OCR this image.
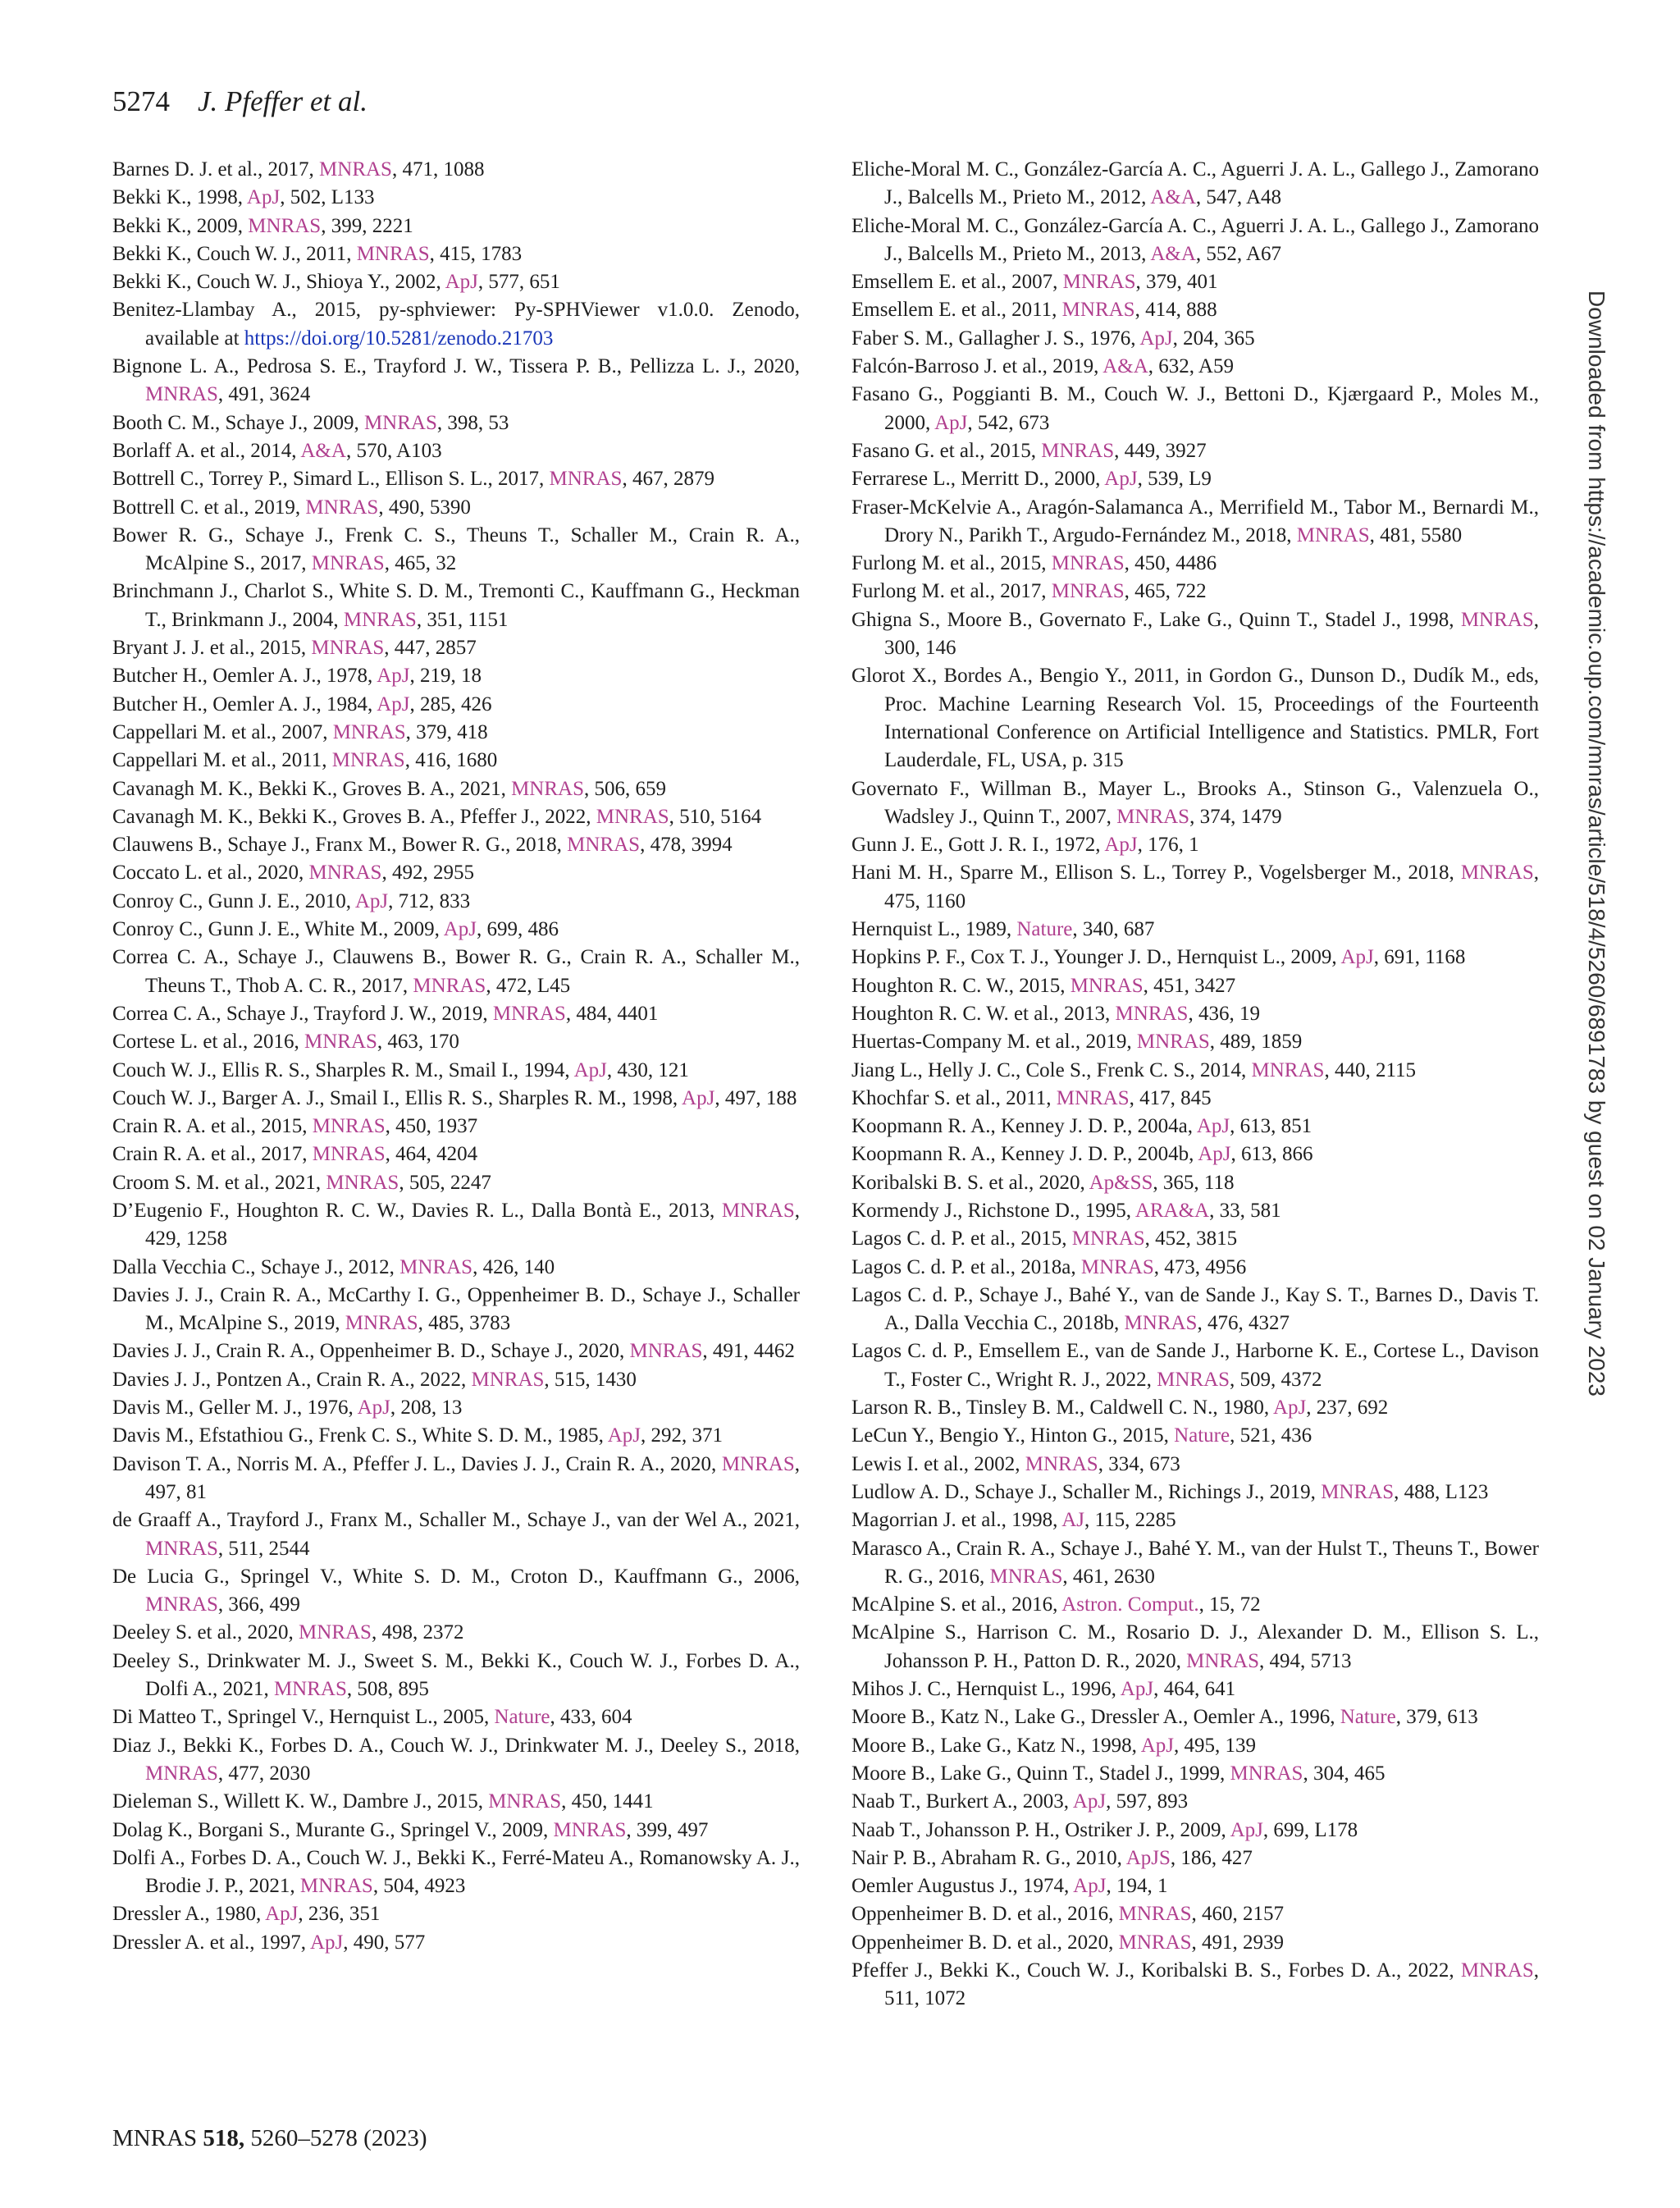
5274 J. Pfeffer et al.
Barnes D. J. et al., 2017, MNRAS, 471, 1088
Bekki K., 1998, ApJ, 502, L133
Bekki K., 2009, MNRAS, 399, 2221
Bekki K., Couch W. J., 2011, MNRAS, 415, 1783
Bekki K., Couch W. J., Shioya Y., 2002, ApJ, 577, 651
Benitez-Llambay A., 2015, py-sphviewer: Py-SPHViewer v1.0.0. Zenodo, available at https://doi.org/10.5281/zenodo.21703
Bignone L. A., Pedrosa S. E., Trayford J. W., Tissera P. B., Pellizza L. J., 2020, MNRAS, 491, 3624
Booth C. M., Schaye J., 2009, MNRAS, 398, 53
Borlaff A. et al., 2014, A&A, 570, A103
Bottrell C., Torrey P., Simard L., Ellison S. L., 2017, MNRAS, 467, 2879
Bottrell C. et al., 2019, MNRAS, 490, 5390
Bower R. G., Schaye J., Frenk C. S., Theuns T., Schaller M., Crain R. A., McAlpine S., 2017, MNRAS, 465, 32
Brinchmann J., Charlot S., White S. D. M., Tremonti C., Kauffmann G., Heckman T., Brinkmann J., 2004, MNRAS, 351, 1151
Bryant J. J. et al., 2015, MNRAS, 447, 2857
Butcher H., Oemler A. J., 1978, ApJ, 219, 18
Butcher H., Oemler A. J., 1984, ApJ, 285, 426
Cappellari M. et al., 2007, MNRAS, 379, 418
Cappellari M. et al., 2011, MNRAS, 416, 1680
Cavanagh M. K., Bekki K., Groves B. A., 2021, MNRAS, 506, 659
Cavanagh M. K., Bekki K., Groves B. A., Pfeffer J., 2022, MNRAS, 510, 5164
Clauwens B., Schaye J., Franx M., Bower R. G., 2018, MNRAS, 478, 3994
Coccato L. et al., 2020, MNRAS, 492, 2955
Conroy C., Gunn J. E., 2010, ApJ, 712, 833
Conroy C., Gunn J. E., White M., 2009, ApJ, 699, 486
Correa C. A., Schaye J., Clauwens B., Bower R. G., Crain R. A., Schaller M., Theuns T., Thob A. C. R., 2017, MNRAS, 472, L45
Correa C. A., Schaye J., Trayford J. W., 2019, MNRAS, 484, 4401
Cortese L. et al., 2016, MNRAS, 463, 170
Couch W. J., Ellis R. S., Sharples R. M., Smail I., 1994, ApJ, 430, 121
Couch W. J., Barger A. J., Smail I., Ellis R. S., Sharples R. M., 1998, ApJ, 497, 188
Crain R. A. et al., 2015, MNRAS, 450, 1937
Crain R. A. et al., 2017, MNRAS, 464, 4204
Croom S. M. et al., 2021, MNRAS, 505, 2247
D’Eugenio F., Houghton R. C. W., Davies R. L., Dalla Bontà E., 2013, MNRAS, 429, 1258
Dalla Vecchia C., Schaye J., 2012, MNRAS, 426, 140
Davies J. J., Crain R. A., McCarthy I. G., Oppenheimer B. D., Schaye J., Schaller M., McAlpine S., 2019, MNRAS, 485, 3783
Davies J. J., Crain R. A., Oppenheimer B. D., Schaye J., 2020, MNRAS, 491, 4462
Davies J. J., Pontzen A., Crain R. A., 2022, MNRAS, 515, 1430
Davis M., Geller M. J., 1976, ApJ, 208, 13
Davis M., Efstathiou G., Frenk C. S., White S. D. M., 1985, ApJ, 292, 371
Davison T. A., Norris M. A., Pfeffer J. L., Davies J. J., Crain R. A., 2020, MNRAS, 497, 81
de Graaff A., Trayford J., Franx M., Schaller M., Schaye J., van der Wel A., 2021, MNRAS, 511, 2544
De Lucia G., Springel V., White S. D. M., Croton D., Kauffmann G., 2006, MNRAS, 366, 499
Deeley S. et al., 2020, MNRAS, 498, 2372
Deeley S., Drinkwater M. J., Sweet S. M., Bekki K., Couch W. J., Forbes D. A., Dolfi A., 2021, MNRAS, 508, 895
Di Matteo T., Springel V., Hernquist L., 2005, Nature, 433, 604
Diaz J., Bekki K., Forbes D. A., Couch W. J., Drinkwater M. J., Deeley S., 2018, MNRAS, 477, 2030
Dieleman S., Willett K. W., Dambre J., 2015, MNRAS, 450, 1441
Dolag K., Borgani S., Murante G., Springel V., 2009, MNRAS, 399, 497
Dolfi A., Forbes D. A., Couch W. J., Bekki K., Ferré-Mateu A., Romanowsky A. J., Brodie J. P., 2021, MNRAS, 504, 4923
Dressler A., 1980, ApJ, 236, 351
Dressler A. et al., 1997, ApJ, 490, 577
Eliche-Moral M. C., González-García A. C., Aguerri J. A. L., Gallego J., Zamorano J., Balcells M., Prieto M., 2012, A&A, 547, A48
Eliche-Moral M. C., González-García A. C., Aguerri J. A. L., Gallego J., Zamorano J., Balcells M., Prieto M., 2013, A&A, 552, A67
Emsellem E. et al., 2007, MNRAS, 379, 401
Emsellem E. et al., 2011, MNRAS, 414, 888
Faber S. M., Gallagher J. S., 1976, ApJ, 204, 365
Falcón-Barroso J. et al., 2019, A&A, 632, A59
Fasano G., Poggianti B. M., Couch W. J., Bettoni D., Kjærgaard P., Moles M., 2000, ApJ, 542, 673
Fasano G. et al., 2015, MNRAS, 449, 3927
Ferrarese L., Merritt D., 2000, ApJ, 539, L9
Fraser-McKelvie A., Aragón-Salamanca A., Merrifield M., Tabor M., Bernardi M., Drory N., Parikh T., Argudo-Fernández M., 2018, MNRAS, 481, 5580
Furlong M. et al., 2015, MNRAS, 450, 4486
Furlong M. et al., 2017, MNRAS, 465, 722
Ghigna S., Moore B., Governato F., Lake G., Quinn T., Stadel J., 1998, MNRAS, 300, 146
Glorot X., Bordes A., Bengio Y., 2011, in Gordon G., Dunson D., Dudík M., eds, Proc. Machine Learning Research Vol. 15, Proceedings of the Fourteenth International Conference on Artificial Intelligence and Statistics. PMLR, Fort Lauderdale, FL, USA, p. 315
Governato F., Willman B., Mayer L., Brooks A., Stinson G., Valenzuela O., Wadsley J., Quinn T., 2007, MNRAS, 374, 1479
Gunn J. E., Gott J. R. I., 1972, ApJ, 176, 1
Hani M. H., Sparre M., Ellison S. L., Torrey P., Vogelsberger M., 2018, MNRAS, 475, 1160
Hernquist L., 1989, Nature, 340, 687
Hopkins P. F., Cox T. J., Younger J. D., Hernquist L., 2009, ApJ, 691, 1168
Houghton R. C. W., 2015, MNRAS, 451, 3427
Houghton R. C. W. et al., 2013, MNRAS, 436, 19
Huertas-Company M. et al., 2019, MNRAS, 489, 1859
Jiang L., Helly J. C., Cole S., Frenk C. S., 2014, MNRAS, 440, 2115
Khochfar S. et al., 2011, MNRAS, 417, 845
Koopmann R. A., Kenney J. D. P., 2004a, ApJ, 613, 851
Koopmann R. A., Kenney J. D. P., 2004b, ApJ, 613, 866
Koribalski B. S. et al., 2020, Ap&SS, 365, 118
Kormendy J., Richstone D., 1995, ARA&A, 33, 581
Lagos C. d. P. et al., 2015, MNRAS, 452, 3815
Lagos C. d. P. et al., 2018a, MNRAS, 473, 4956
Lagos C. d. P., Schaye J., Bahé Y., van de Sande J., Kay S. T., Barnes D., Davis T. A., Dalla Vecchia C., 2018b, MNRAS, 476, 4327
Lagos C. d. P., Emsellem E., van de Sande J., Harborne K. E., Cortese L., Davison T., Foster C., Wright R. J., 2022, MNRAS, 509, 4372
Larson R. B., Tinsley B. M., Caldwell C. N., 1980, ApJ, 237, 692
LeCun Y., Bengio Y., Hinton G., 2015, Nature, 521, 436
Lewis I. et al., 2002, MNRAS, 334, 673
Ludlow A. D., Schaye J., Schaller M., Richings J., 2019, MNRAS, 488, L123
Magorrian J. et al., 1998, AJ, 115, 2285
Marasco A., Crain R. A., Schaye J., Bahé Y. M., van der Hulst T., Theuns T., Bower R. G., 2016, MNRAS, 461, 2630
McAlpine S. et al., 2016, Astron. Comput., 15, 72
McAlpine S., Harrison C. M., Rosario D. J., Alexander D. M., Ellison S. L., Johansson P. H., Patton D. R., 2020, MNRAS, 494, 5713
Mihos J. C., Hernquist L., 1996, ApJ, 464, 641
Moore B., Katz N., Lake G., Dressler A., Oemler A., 1996, Nature, 379, 613
Moore B., Lake G., Katz N., 1998, ApJ, 495, 139
Moore B., Lake G., Quinn T., Stadel J., 1999, MNRAS, 304, 465
Naab T., Burkert A., 2003, ApJ, 597, 893
Naab T., Johansson P. H., Ostriker J. P., 2009, ApJ, 699, L178
Nair P. B., Abraham R. G., 2010, ApJS, 186, 427
Oemler Augustus J., 1974, ApJ, 194, 1
Oppenheimer B. D. et al., 2016, MNRAS, 460, 2157
Oppenheimer B. D. et al., 2020, MNRAS, 491, 2939
Pfeffer J., Bekki K., Couch W. J., Koribalski B. S., Forbes D. A., 2022, MNRAS, 511, 1072
MNRAS 518, 5260–5278 (2023)
Downloaded from https://academic.oup.com/mnras/article/518/4/5260/6891783 by guest on 02 January 2023
